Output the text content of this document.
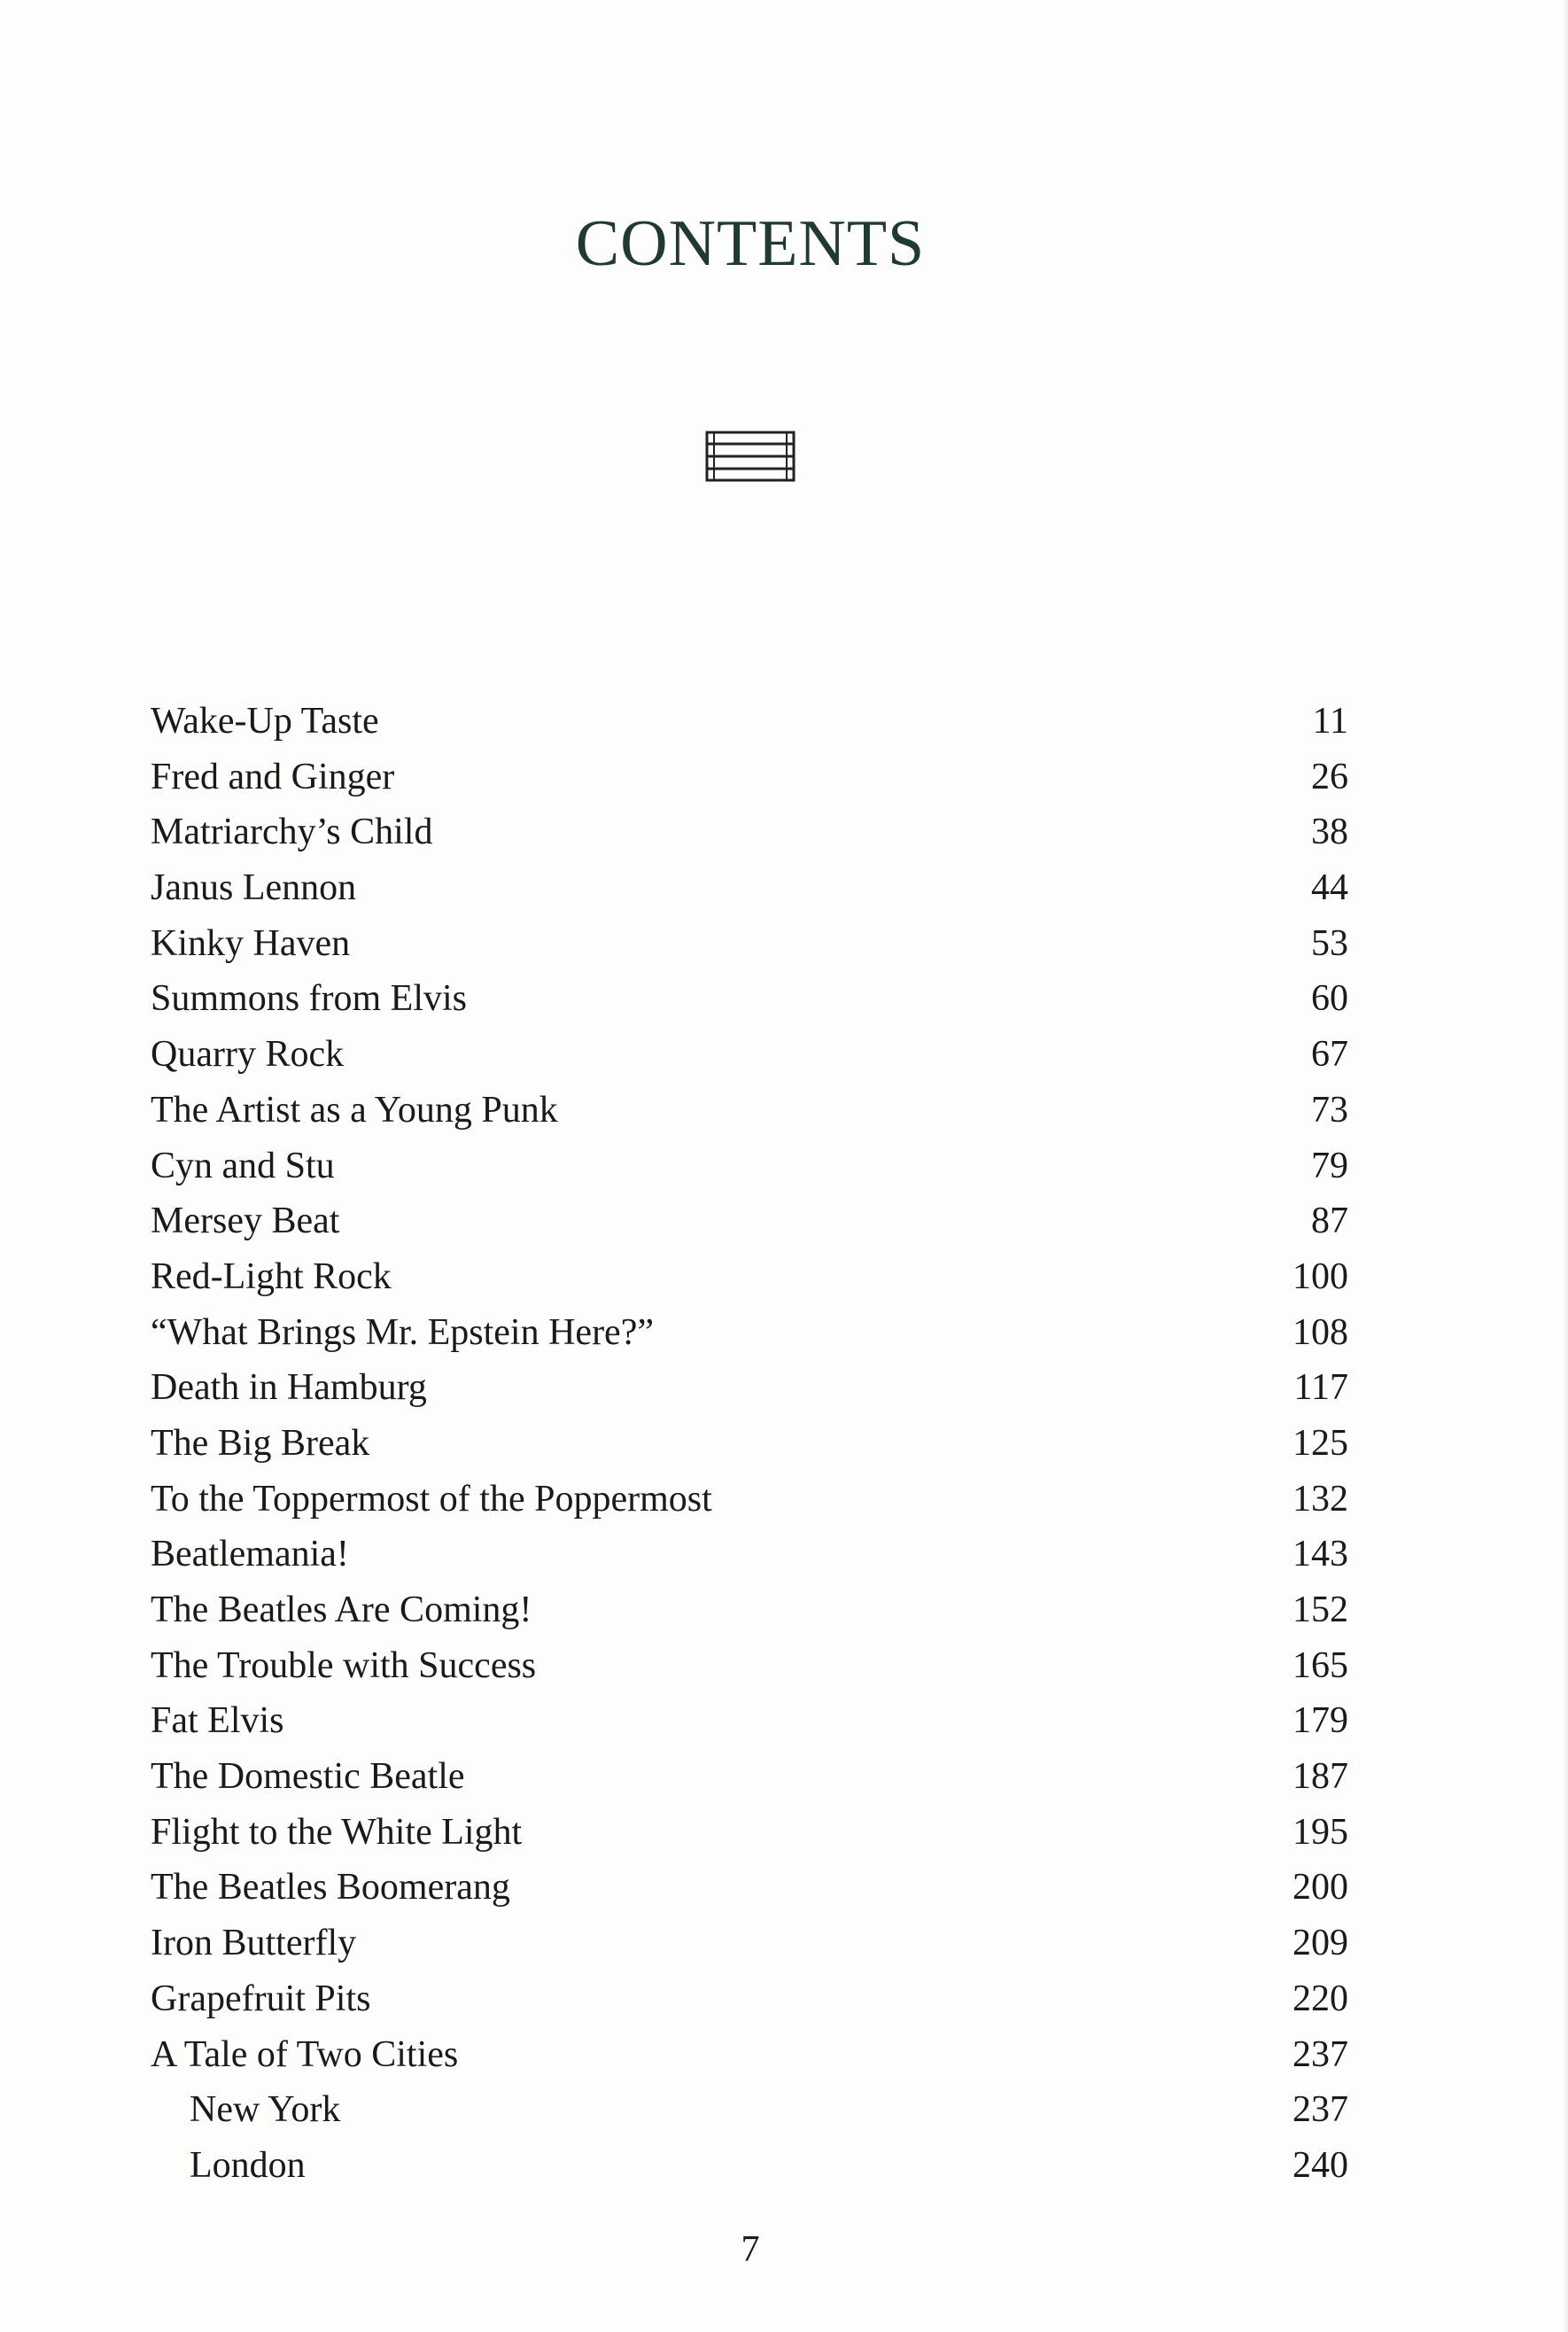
CONTENTS
Wake-Up Taste	11
Fred and Ginger	26
Matriarchy’s Child	38
Janus Lennon	44
Kinky Haven	53
Summons from Elvis	60
Quarry Rock	67
The Artist as a Young Punk	73
Cyn and Stu	79
Mersey Beat	87
Red-Light Rock	100
“What Brings Mr. Epstein Here?”	108
Death in Hamburg	117
The Big Break	125
To the Toppermost of the Poppermost	132
Beatlemania!	143
The Beatles Are Coming!	152
The Trouble with Success	165
Fat Elvis	179
The Domestic Beatle	187
Flight to the White Light	195
The Beatles Boomerang	200
Iron Butterfly	209
Grapefruit Pits	220
A Tale of Two Cities	237
New York	237
London	240
7
